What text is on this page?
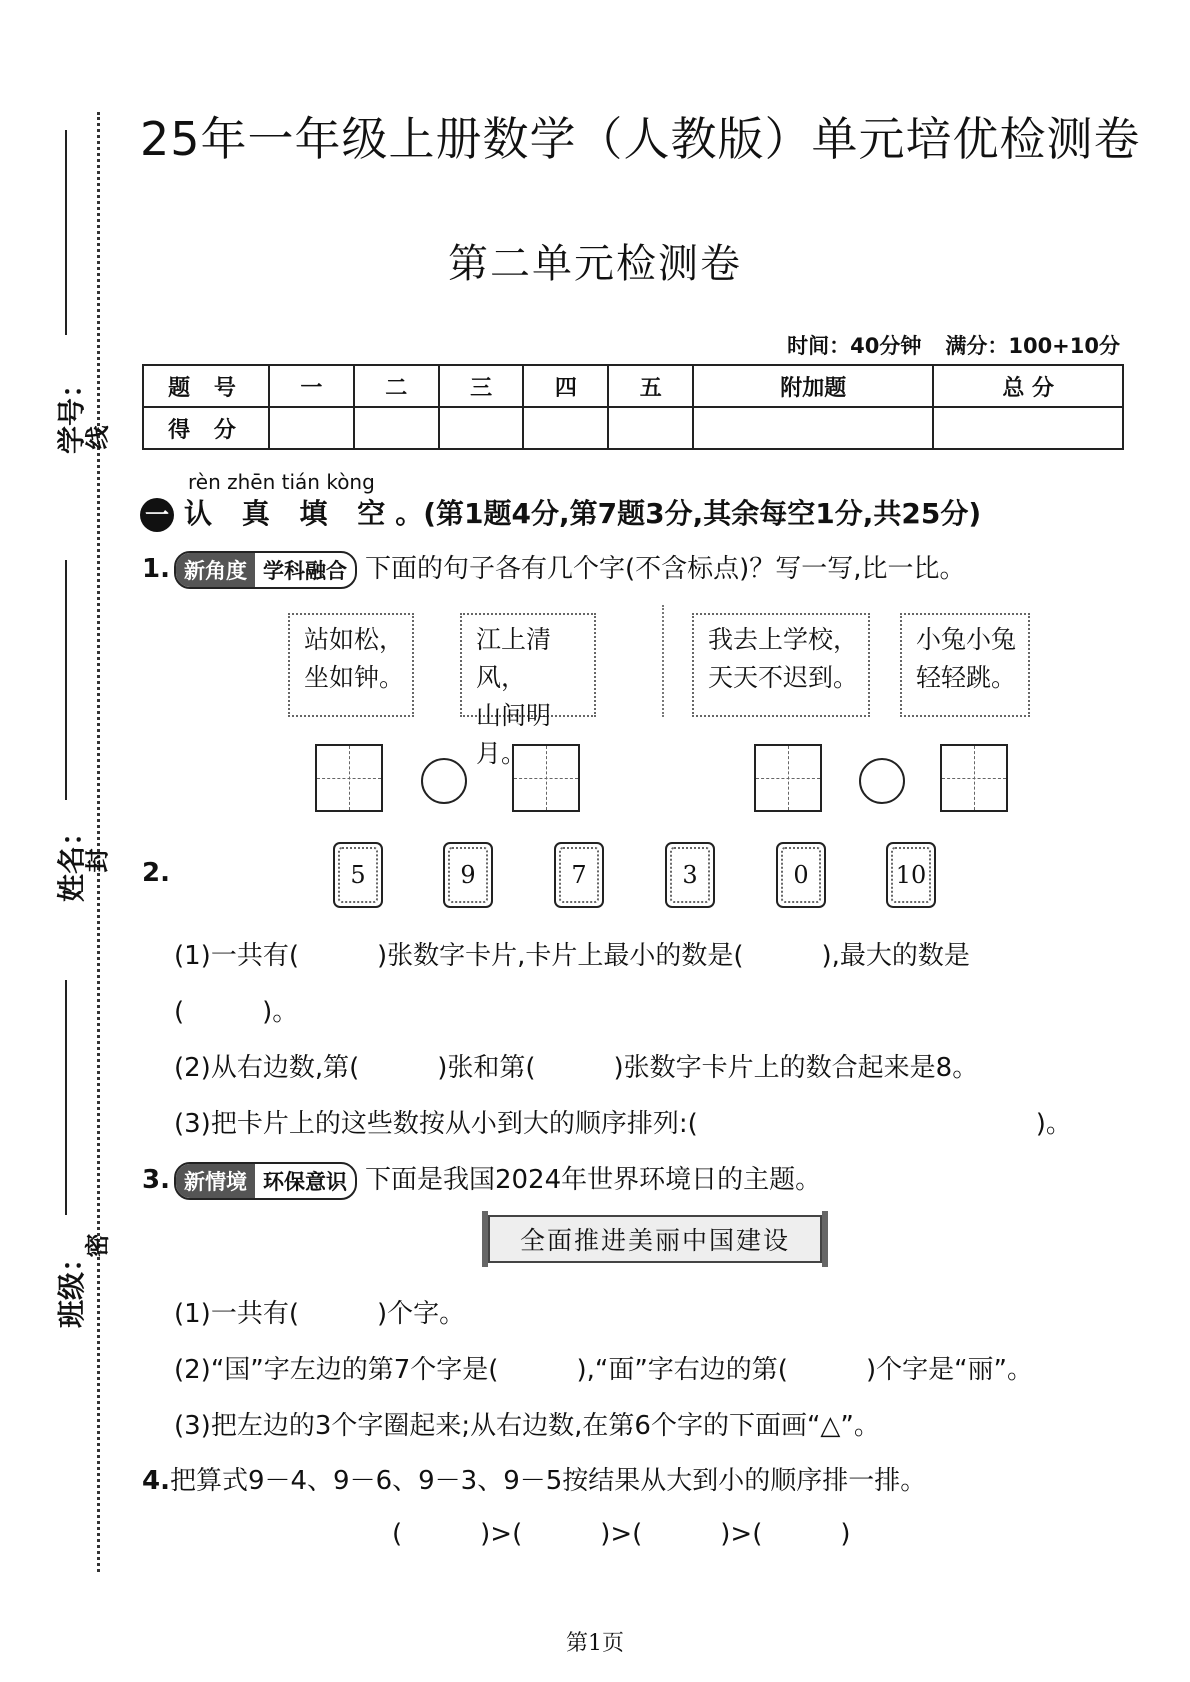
学号：
线
姓名：
封
班级：
密
25年一年级上册数学（人教版）单元培优检测卷
第二单元检测卷
时间：40分钟 满分：100+10分
题 号	一	二	三	四	五	附加题	总 分
得 分							
rèn zhēn tián kòng
一 认 真 填 空。(第1题4分,第7题3分,其余每空1分,共25分)
1. 新角度 学科融合 下面的句子各有几个字(不含标点)？写一写,比一比。
站如松，
坐如钟。
江上清风，
山间明月。
我去上学校，
天天不迟到。
小兔小兔
轻轻跳。
2.	5	9	7	3	0	10
(1)一共有(　　　)张数字卡片,卡片上最小的数是(　　　),最大的数是
(　　　)。
(2)从右边数,第(　　　)张和第(　　　)张数字卡片上的数合起来是8。
(3)把卡片上的这些数按从小到大的顺序排列:(　　　　　　　　　　　　　)。
3. 新情境 环保意识 下面是我国2024年世界环境日的主题。
全面推进美丽中国建设
(1)一共有(　　　)个字。
(2)“国”字左边的第7个字是(　　　),“面”字右边的第(　　　)个字是“丽”。
(3)把左边的3个字圈起来;从右边数,在第6个字的下面画“△”。
4.把算式9－4、9－6、9－3、9－5按结果从大到小的顺序排一排。
(　　　)>(　　　)>(　　　)>(　　　)
第1页
